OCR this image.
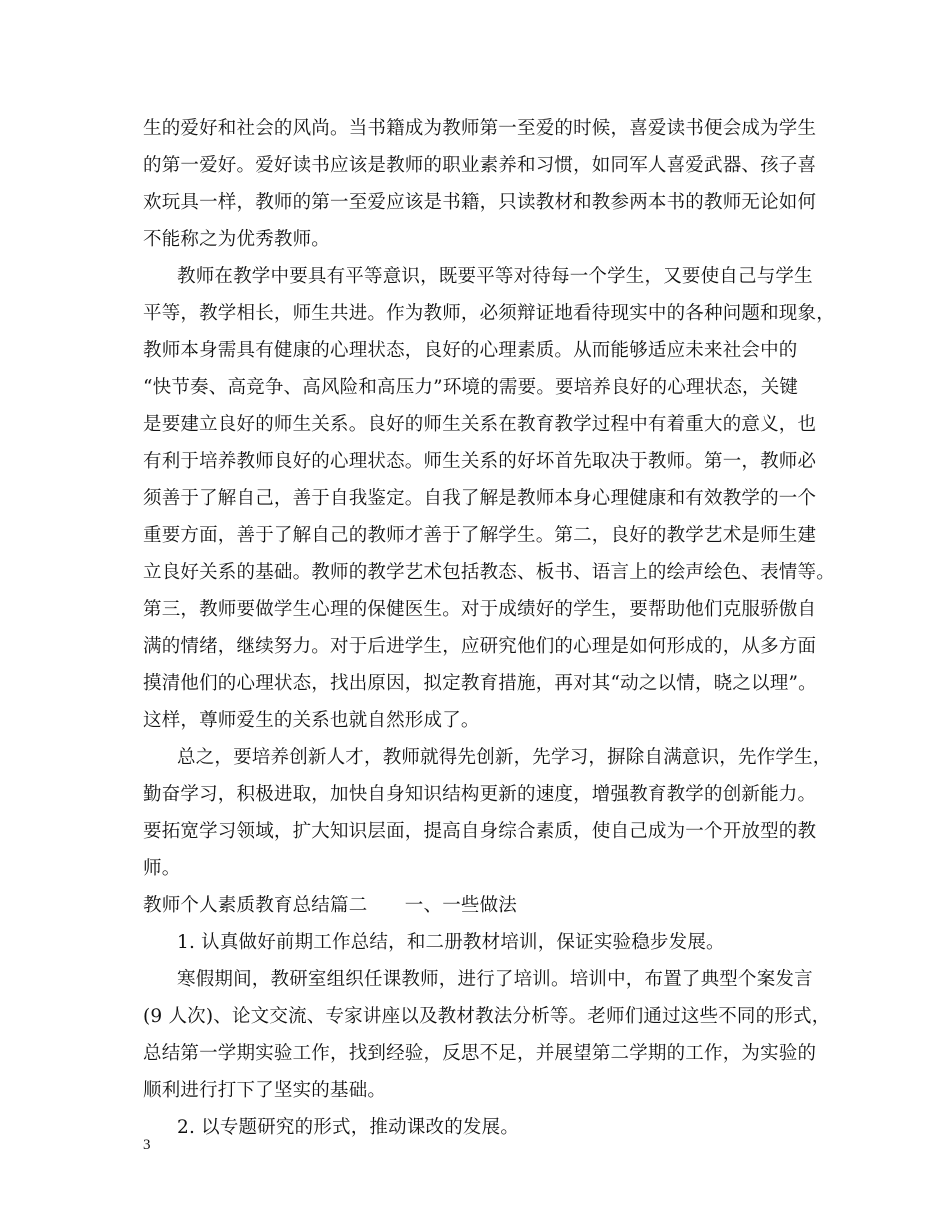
生的爱好和社会的风尚。当书籍成为教师第一至爱的时候，喜爱读书便会成为学生
的第一爱好。爱好读书应该是教师的职业素养和习惯，如同军人喜爱武器、孩子喜
欢玩具一样，教师的第一至爱应该是书籍，只读教材和教参两本书的教师无论如何
不能称之为优秀教师。
教师在教学中要具有平等意识，既要平等对待每一个学生，又要使自己与学生
平等，教学相长，师生共进。作为教师，必须辩证地看待现实中的各种问题和现象，
教师本身需具有健康的心理状态，良好的心理素质。从而能够适应未来社会中的
“快节奏、高竞争、高风险和高压力”环境的需要。要培养良好的心理状态，关键
是要建立良好的师生关系。良好的师生关系在教育教学过程中有着重大的意义，也
有利于培养教师良好的心理状态。师生关系的好坏首先取决于教师。第一，教师必
须善于了解自己，善于自我鉴定。自我了解是教师本身心理健康和有效教学的一个
重要方面，善于了解自己的教师才善于了解学生。第二，良好的教学艺术是师生建
立良好关系的基础。教师的教学艺术包括教态、板书、语言上的绘声绘色、表情等。
第三，教师要做学生心理的保健医生。对于成绩好的学生，要帮助他们克服骄傲自
满的情绪，继续努力。对于后进学生，应研究他们的心理是如何形成的，从多方面
摸清他们的心理状态，找出原因，拟定教育措施，再对其“动之以情，晓之以理”。
这样，尊师爱生的关系也就自然形成了。
总之，要培养创新人才，教师就得先创新，先学习，摒除自满意识，先作学生，
勤奋学习，积极进取，加快自身知识结构更新的速度，增强教育教学的创新能力。
要拓宽学习领域，扩大知识层面，提高自身综合素质，使自己成为一个开放型的教
师。
教师个人素质教育总结篇二　　一、一些做法
1. 认真做好前期工作总结，和二册教材培训，保证实验稳步发展。
寒假期间，教研室组织任课教师，进行了培训。培训中，布置了典型个案发言
(9 人次)、论文交流、专家讲座以及教材教法分析等。老师们通过这些不同的形式，
总结第一学期实验工作，找到经验，反思不足，并展望第二学期的工作，为实验的
顺利进行打下了坚实的基础。
2. 以专题研究的形式，推动课改的发展。
3
